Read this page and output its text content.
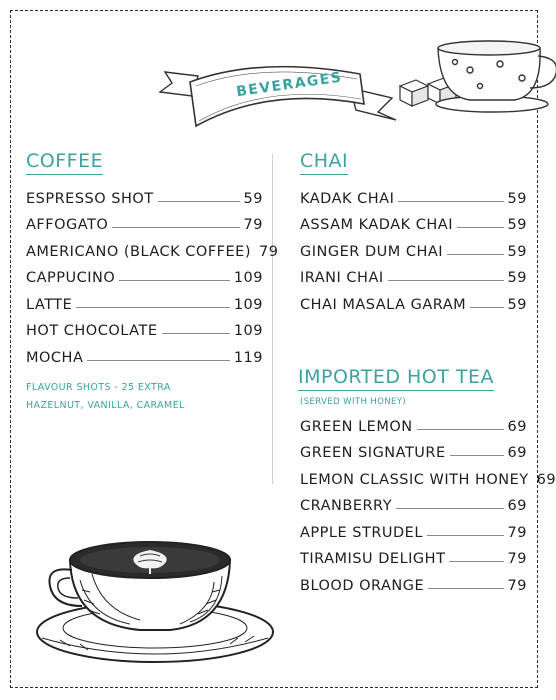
BEVERAGES
COFFEE
ESPRESSO SHOT	59
AFFOGATO	79
AMERICANO (BLACK COFFEE) 79
CAPPUCINO	109
LATTE	109
HOT CHOCOLATE	109
MOCHA	119
FLAVOUR SHOTS - 25 EXTRA
HAZELNUT, VANILLA, CARAMEL
CHAI
KADAK CHAI	59
ASSAM KADAK CHAI	59
GINGER DUM CHAI	59
IRANI CHAI	59
CHAI MASALA GARAM	59
IMPORTED HOT TEA
(SERVED WITH HONEY)
GREEN LEMON	69
GREEN SIGNATURE	69
LEMON CLASSIC WITH HONEY 69
CRANBERRY	69
APPLE STRUDEL	79
TIRAMISU DELIGHT	79
BLOOD ORANGE	79
